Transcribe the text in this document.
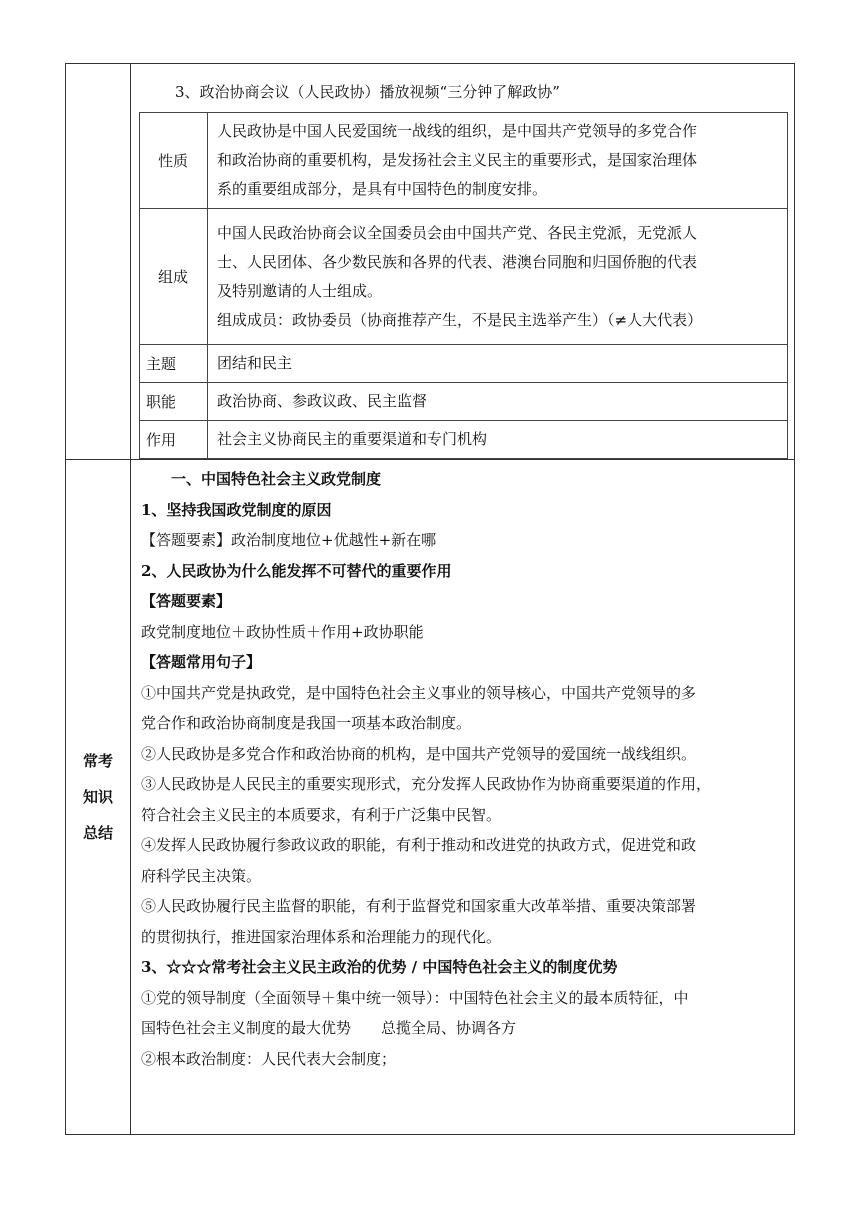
3、政治协商会议（人民政协）播放视频“三分钟了解政协”
性质	
人民政协是中国人民爱国统一战线的组织，是中国共产党领导的多党合作
和政治协商的重要机构，是发扬社会主义民主的重要形式，是国家治理体
系的重要组成部分，是具有中国特色的制度安排。

组成	
中国人民政治协商会议全国委员会由中国共产党、各民主党派，无党派人
士、人民团体、各少数民族和各界的代表、港澳台同胞和归国侨胞的代表
及特别邀请的人士组成。
组成成员：政协委员（协商推荐产生，不是民主选举产生）（≠人大代表）

主题	团结和民主
职能	政治协商、参政议政、民主监督
作用	社会主义协商民主的重要渠道和专门机构

常考
知识
总结

一、中国特色社会主义政党制度

1、坚持我国政党制度的原因

【答题要素】政治制度地位+优越性+新在哪

2、人民政协为什么能发挥不可替代的重要作用

【答题要素】

政党制度地位＋政协性质＋作用+政协职能

【答题常用句子】

①中国共产党是执政党，是中国特色社会主义事业的领导核心，中国共产党领导的多
党合作和政治协商制度是我国一项基本政治制度。

②人民政协是多党合作和政治协商的机构，是中国共产党领导的爱国统一战线组织。

③人民政协是人民民主的重要实现形式，充分发挥人民政协作为协商重要渠道的作用，
符合社会主义民主的本质要求，有利于广泛集中民智。

④发挥人民政协履行参政议政的职能，有利于推动和改进党的执政方式，促进党和政
府科学民主决策。

⑤人民政协履行民主监督的职能，有利于监督党和国家重大改革举措、重要决策部署
的贯彻执行，推进国家治理体系和治理能力的现代化。

3、☆☆☆常考社会主义民主政治的优势 / 中国特色社会主义的制度优势

①党的领导制度（全面领导＋集中统一领导）：中国特色社会主义的最本质特征，中
国特色社会主义制度的最大优势　　总揽全局、协调各方

②根本政治制度：人民代表大会制度；
